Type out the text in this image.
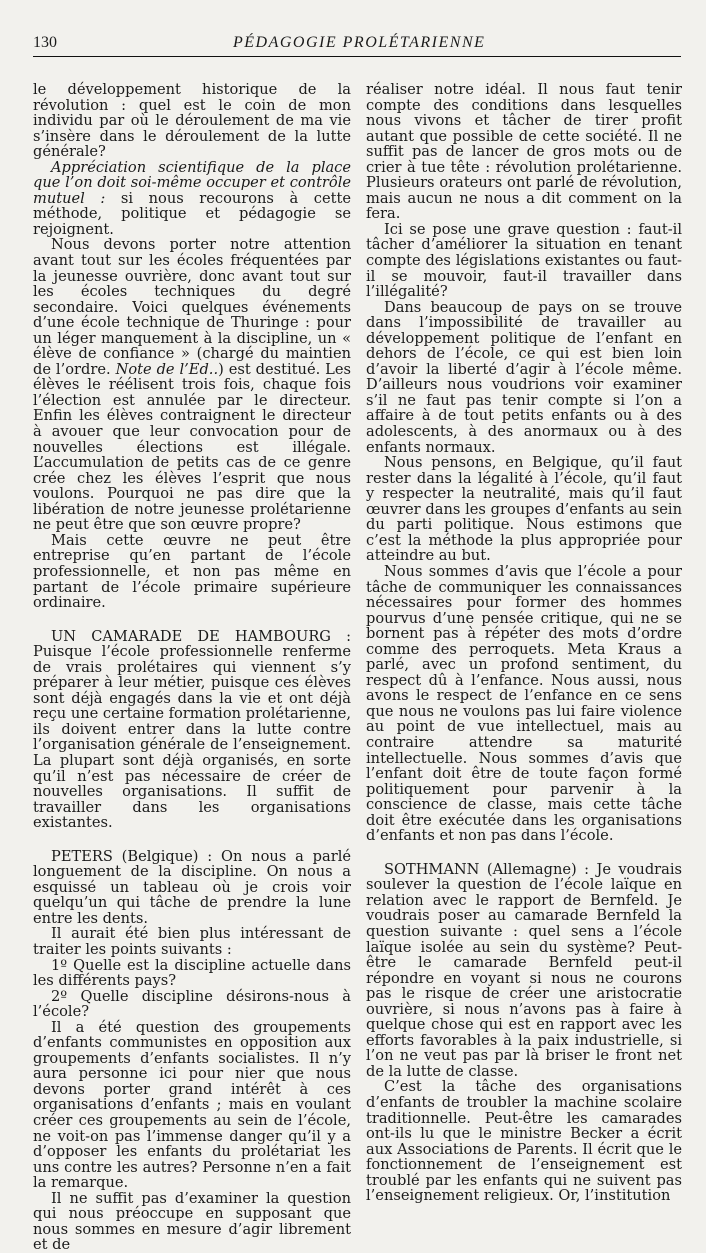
130	PÉDAGOGIE PROLÉTARIENNE

le développement historique de la révolution : quel est le coin de mon individu par où le déroulement de ma vie s’insère dans le déroulement de la lutte générale?

Appréciation scientifique de la place que l’on doit soi-même occuper et contrôle mutuel : si nous recourons à cette méthode, politique et pédagogie se rejoignent.

Nous devons porter notre attention avant tout sur les écoles fréquentées par la jeunesse ouvrière, donc avant tout sur les écoles techniques du degré secondaire. Voici quelques événements d’une école technique de Thuringe : pour un léger manquement à la discipline, un « élève de confiance » (chargé du maintien de l’ordre. Note de l’Ed..) est destitué. Les élèves le réélisent trois fois, chaque fois l’élection est annulée par le directeur. Enfin les élèves contraignent le directeur à avouer que leur convocation pour de nouvelles élections est illégale. L’accumulation de petits cas de ce genre crée chez les élèves l’esprit que nous voulons. Pourquoi ne pas dire que la libération de notre jeunesse prolétarienne ne peut être que son œuvre propre?

Mais cette œuvre ne peut être entreprise qu’en partant de l’école professionnelle, et non pas même en partant de l’école primaire supérieure ordinaire.

UN CAMARADE DE HAMBOURG : Puisque l’école professionnelle renferme de vrais prolétaires qui viennent s’y préparer à leur métier, puisque ces élèves sont déjà engagés dans la vie et ont déjà reçu une certaine formation prolétarienne, ils doivent entrer dans la lutte contre l’organisation générale de l’enseignement. La plupart sont déjà organisés, en sorte qu’il n’est pas nécessaire de créer de nouvelles organisations. Il suffit de travailler dans les organisations existantes.

PETERS (Belgique) : On nous a parlé longuement de la discipline. On nous a esquissé un tableau où je crois voir quelqu’un qui tâche de prendre la lune entre les dents.

Il aurait été bien plus intéressant de traiter les points suivants :

1º Quelle est la discipline actuelle dans les différents pays?

2º Quelle discipline désirons-nous à l’école?

Il a été question des groupements d’enfants communistes en opposition aux groupements d’enfants socialistes. Il n’y aura personne ici pour nier que nous devons porter grand intérêt à ces organisations d’enfants ; mais en voulant créer ces groupements au sein de l’école, ne voit-on pas l’immense danger qu’il y a d’opposer les enfants du prolétariat les uns contre les autres? Personne n’en a fait la remarque.

Il ne suffit pas d’examiner la question qui nous préoccupe en supposant que nous sommes en mesure d’agir librement et de

réaliser notre idéal. Il nous faut tenir compte des conditions dans lesquelles nous vivons et tâcher de tirer profit autant que possible de cette société. Il ne suffit pas de lancer de gros mots ou de crier à tue tête : révolution prolétarienne. Plusieurs orateurs ont parlé de révolution, mais aucun ne nous a dit comment on la fera.

Ici se pose une grave question : faut-il tâcher d’améliorer la situation en tenant compte des législations existantes ou faut-il se mouvoir, faut-il travailler dans l’illégalité?

Dans beaucoup de pays on se trouve dans l’impossibilité de travailler au développement politique de l’enfant en dehors de l’école, ce qui est bien loin d’avoir la liberté d’agir à l’école même. D’ailleurs nous voudrions voir examiner s’il ne faut pas tenir compte si l’on a affaire à de tout petits enfants ou à des adolescents, à des anormaux ou à des enfants normaux.

Nous pensons, en Belgique, qu’il faut rester dans la légalité à l’école, qu’il faut y respecter la neutralité, mais qu’il faut œuvrer dans les groupes d’enfants au sein du parti politique. Nous estimons que c’est la méthode la plus appropriée pour atteindre au but.

Nous sommes d’avis que l’école a pour tâche de communiquer les connaissances nécessaires pour former des hommes pourvus d’une pensée critique, qui ne se bornent pas à répéter des mots d’ordre comme des perroquets. Meta Kraus a parlé, avec un profond sentiment, du respect dû à l’enfance. Nous aussi, nous avons le respect de l’enfance en ce sens que nous ne voulons pas lui faire violence au point de vue intellectuel, mais au contraire attendre sa maturité intellectuelle. Nous sommes d’avis que l’enfant doit être de toute façon formé politiquement pour parvenir à la conscience de classe, mais cette tâche doit être exécutée dans les organisations d’enfants et non pas dans l’école.

SOTHMANN (Allemagne) : Je voudrais soulever la question de l’école laïque en relation avec le rapport de Bernfeld. Je voudrais poser au camarade Bernfeld la question suivante : quel sens a l’école laïque isolée au sein du système? Peut-être le camarade Bernfeld peut-il répondre en voyant si nous ne courons pas le risque de créer une aristocratie ouvrière, si nous n’avons pas à faire à quelque chose qui est en rapport avec les efforts favorables à la paix industrielle, si l’on ne veut pas par là briser le front net de la lutte de classe.

C’est la tâche des organisations d’enfants de troubler la machine scolaire traditionnelle. Peut-être les camarades ont-ils lu que le ministre Becker a écrit aux Associations de Parents. Il écrit que le fonctionnement de l’enseignement est troublé par les enfants qui ne suivent pas l’enseignement religieux. Or, l’institution
